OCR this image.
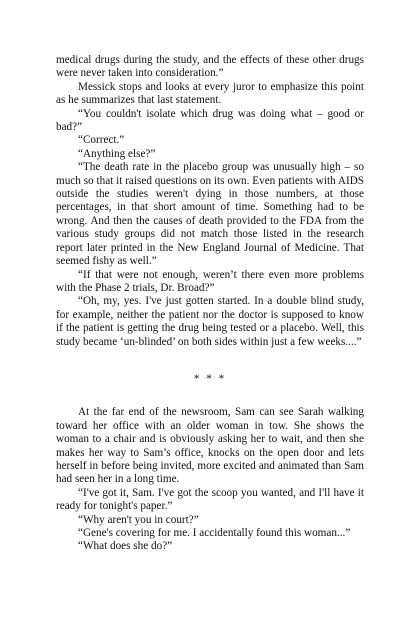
medical drugs during the study, and the effects of these other drugs were never taken into consideration.”

Messick stops and looks at every juror to emphasize this point as he summarizes that last statement.

“You couldn't isolate which drug was doing what – good or bad?”

“Correct.”

“Anything else?”

“The death rate in the placebo group was unusually high – so much so that it raised questions on its own. Even patients with AIDS outside the studies weren't dying in those numbers, at those percentages, in that short amount of time. Something had to be wrong. And then the causes of death provided to the FDA from the various study groups did not match those listed in the research report later printed in the New England Journal of Medicine. That seemed fishy as well.”

“If that were not enough, weren’t there even more problems with the Phase 2 trials, Dr. Broad?”

“Oh, my, yes. I've just gotten started. In a double blind study, for example, neither the patient nor the doctor is supposed to know if the patient is getting the drug being tested or a placebo. Well, this study became ‘un-blinded’ on both sides within just a few weeks....”

* * *

At the far end of the newsroom, Sam can see Sarah walking toward her office with an older woman in tow. She shows the woman to a chair and is obviously asking her to wait, and then she makes her way to Sam’s office, knocks on the open door and lets herself in before being invited, more excited and animated than Sam had seen her in a long time.

“I've got it, Sam. I've got the scoop you wanted, and I'll have it ready for tonight's paper.”

“Why aren't you in court?”

“Gene's covering for me. I accidentally found this woman...”

“What does she do?”
